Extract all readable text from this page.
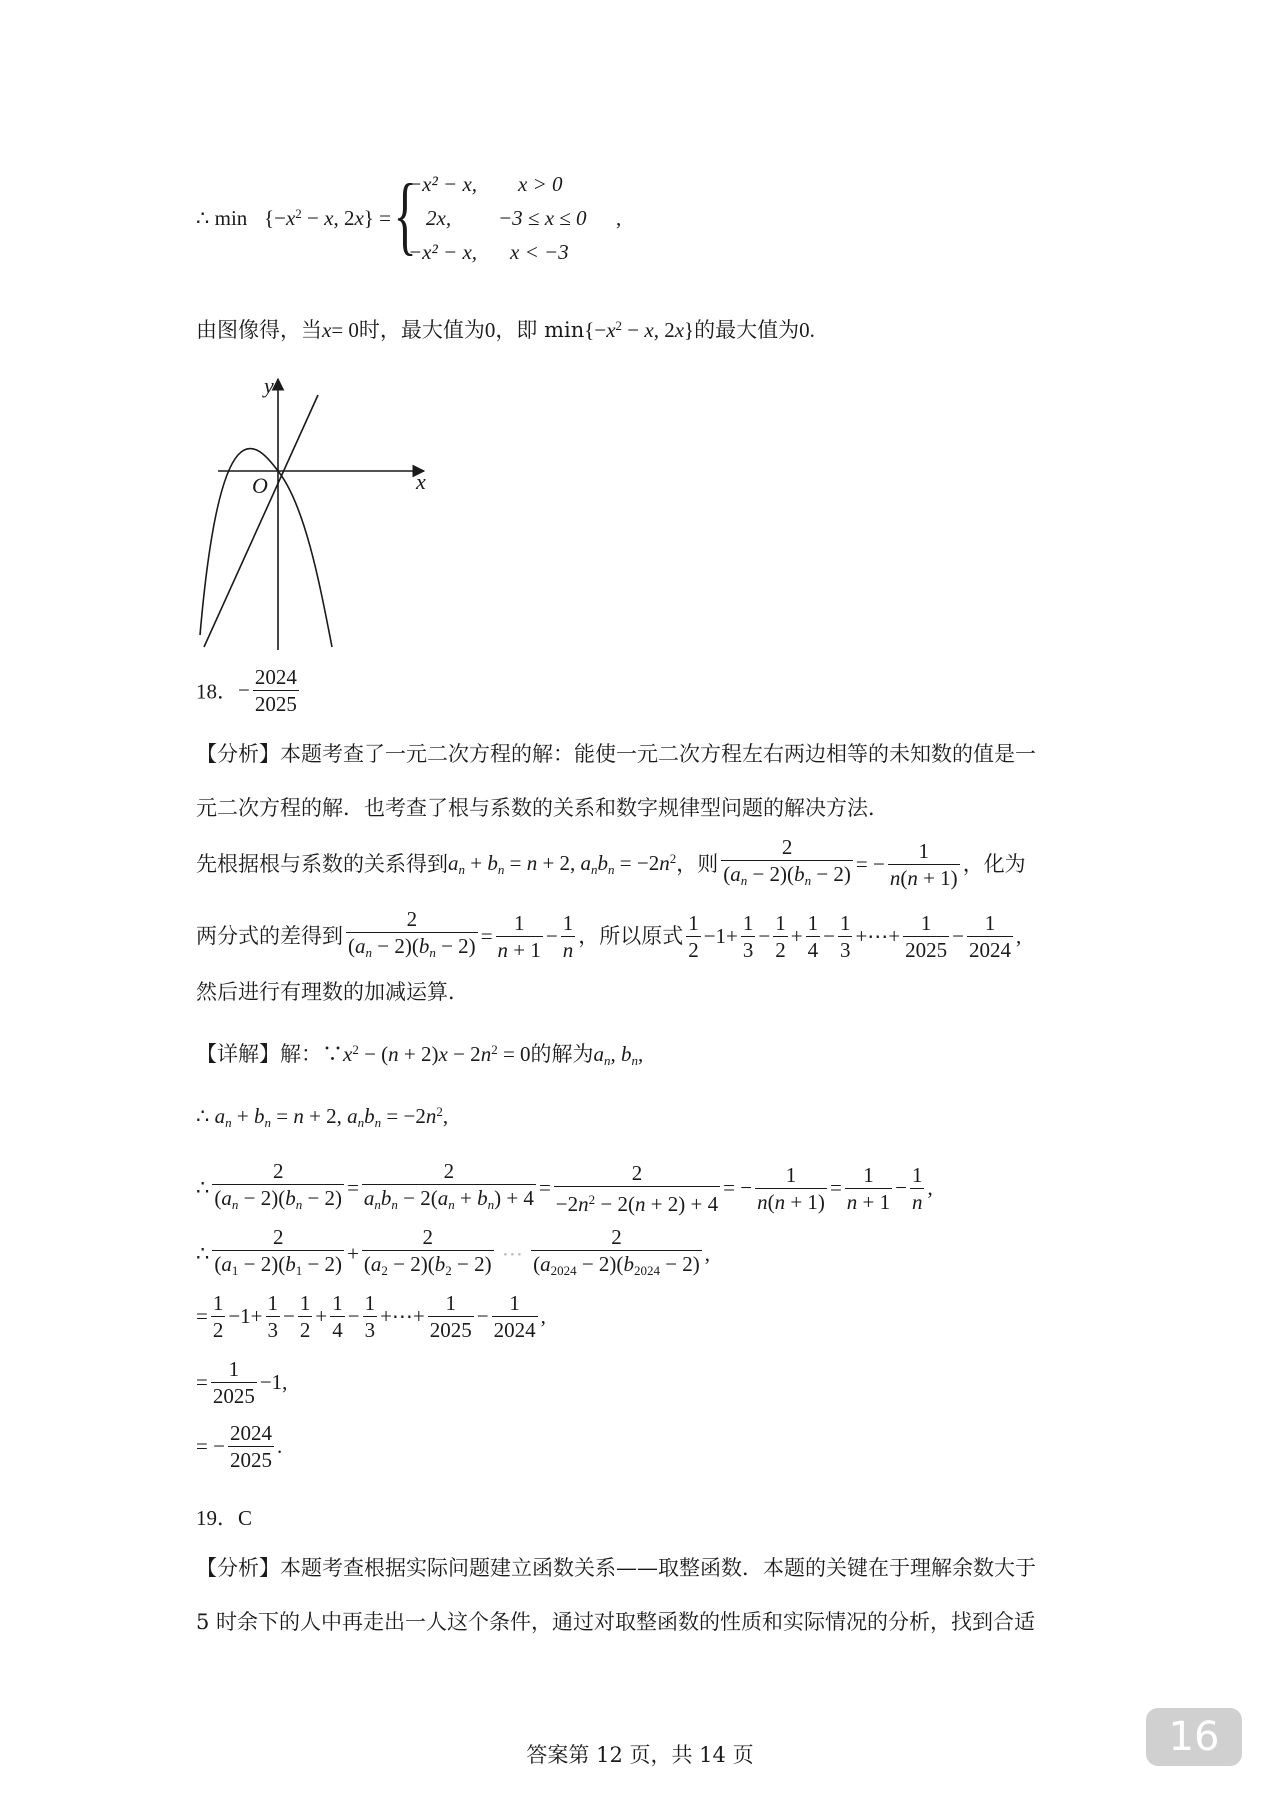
∴ $\min \{-x^2 - x$, 2x} = {
−x² − x, x > 0
2x, −3 ≤ x ≤ 0 ,
−x² − x, x < −3
由图像得，当x= 0时，最大值为0，即 $\min\{-x^2 - x$, 2x}的最大值为0.
y
x
O
18．− $\frac{2024}{2025}$
【分析】本题考查了一元二次方程的解：能使一元二次方程左右两边相等的未知数的值是一
元二次方程的解．也考查了根与系数的关系和数字规律型问题的解决方法．
先根据根与系数的关系得到$a_n + b_n = n + 2$, $a_nb_n = -2n^2$，则 $\frac{2}{(a_n - 2)(b_n - 2)}$ = − $\frac{1}{n(n + 1)}$ ，化为
两分式的差得到 $\frac{2}{(a_n - 2)(b_n - 2)} = \frac{1}{n + 1} - \frac{1}{n}$ ，所以原式 $\frac{1}{2} -1+ \frac{1}{3} - \frac{1}{2} + \frac{1}{4} - \frac{1}{3}$ +⋯+ $\frac{1}{2025} - \frac{1}{2024}$ ,
然后进行有理数的加减运算．
【详解】解：$\because x^2 - (n + 2)x - 2n^2 = 0$的解为$a_n$, $b_n$,
∴ $a_n + b_n = n + 2$, $a_nb_n = -2n^2$,
∴ $\frac{2}{(a_n - 2)(b_n - 2)} = \frac{2}{a_nb_n - 2(a_n + b_n) + 4} = \frac{2}{-2n^2 - 2(n + 2) + 4}$ = − $\frac{1}{n(n + 1)} = \frac{1}{n + 1} - \frac{1}{n}$ ,
∴ $\frac{2}{(a_1 - 2)(b_1 - 2)} + \frac{2}{(a_2 - 2)(b_2 - 2)}$ ⋯ $\frac{2}{(a_{2024} - 2)(b_{2024} - 2)}$ ,
= $\frac{1}{2} -1+ \frac{1}{3} - \frac{1}{2} + \frac{1}{4} - \frac{1}{3}$ +⋯+ $\frac{1}{2025} - \frac{1}{2024}$ ,
= $\frac{1}{2025} -1$,
= − $\frac{2024}{2025}$ .
19．C
【分析】本题考查根据实际问题建立函数关系——取整函数．本题的关键在于理解余数大于
5 时余下的人中再走出一人这个条件，通过对取整函数的性质和实际情况的分析，找到合适
答案第 12 页，共 14 页	16
